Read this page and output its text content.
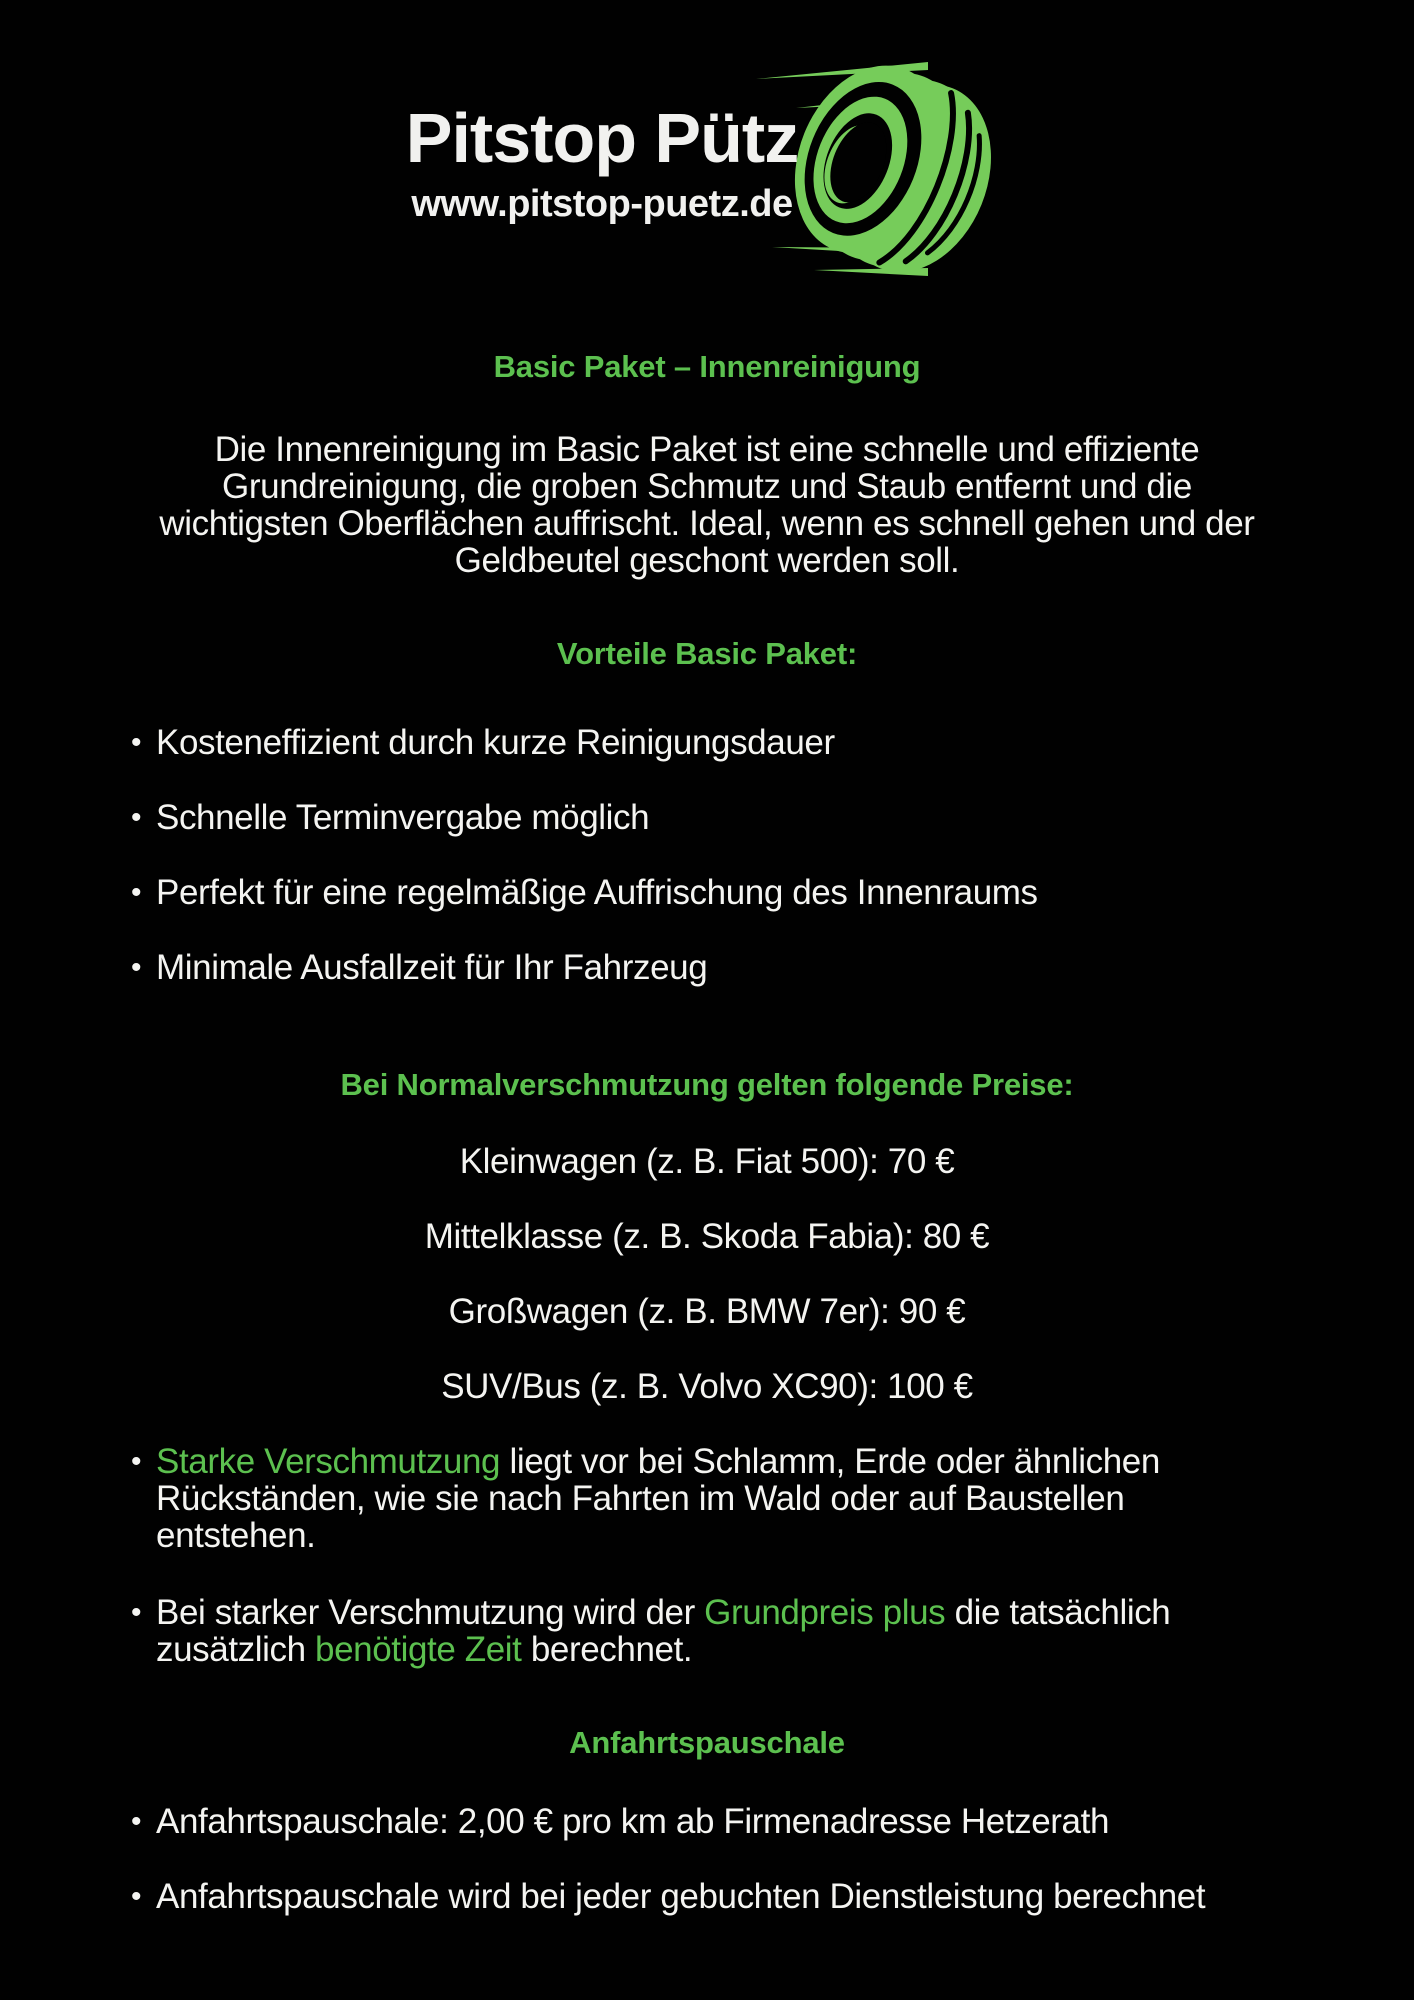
Pitstop Pütz
www.pitstop-puetz.de
Basic Paket – Innenreinigung

Die Innenreinigung im Basic Paket ist eine schnelle und effiziente Grundreinigung, die groben Schmutz und Staub entfernt und die wichtigsten Oberflächen auffrischt. Ideal, wenn es schnell gehen und der Geldbeutel geschont werden soll.

Vorteile Basic Paket:
• Kosteneffizient durch kurze Reinigungsdauer
• Schnelle Terminvergabe möglich
• Perfekt für eine regelmäßige Auffrischung des Innenraums
• Minimale Ausfallzeit für Ihr Fahrzeug
Bei Normalverschmutzung gelten folgende Preise:

Kleinwagen (z. B. Fiat 500): 70 €

Mittelklasse (z. B. Skoda Fabia): 80 €

Großwagen (z. B. BMW 7er): 90 €

SUV/Bus (z. B. Volvo XC90): 100 €

• Starke Verschmutzung liegt vor bei Schlamm, Erde oder ähnlichen Rückständen, wie sie nach Fahrten im Wald oder auf Baustellen entstehen.
• Bei starker Verschmutzung wird der Grundpreis plus die tatsächlich zusätzlich benötigte Zeit berechnet.
Anfahrtspauschale
• Anfahrtspauschale: 2,00 € pro km ab Firmenadresse Hetzerath
• Anfahrtspauschale wird bei jeder gebuchten Dienstleistung berechnet
